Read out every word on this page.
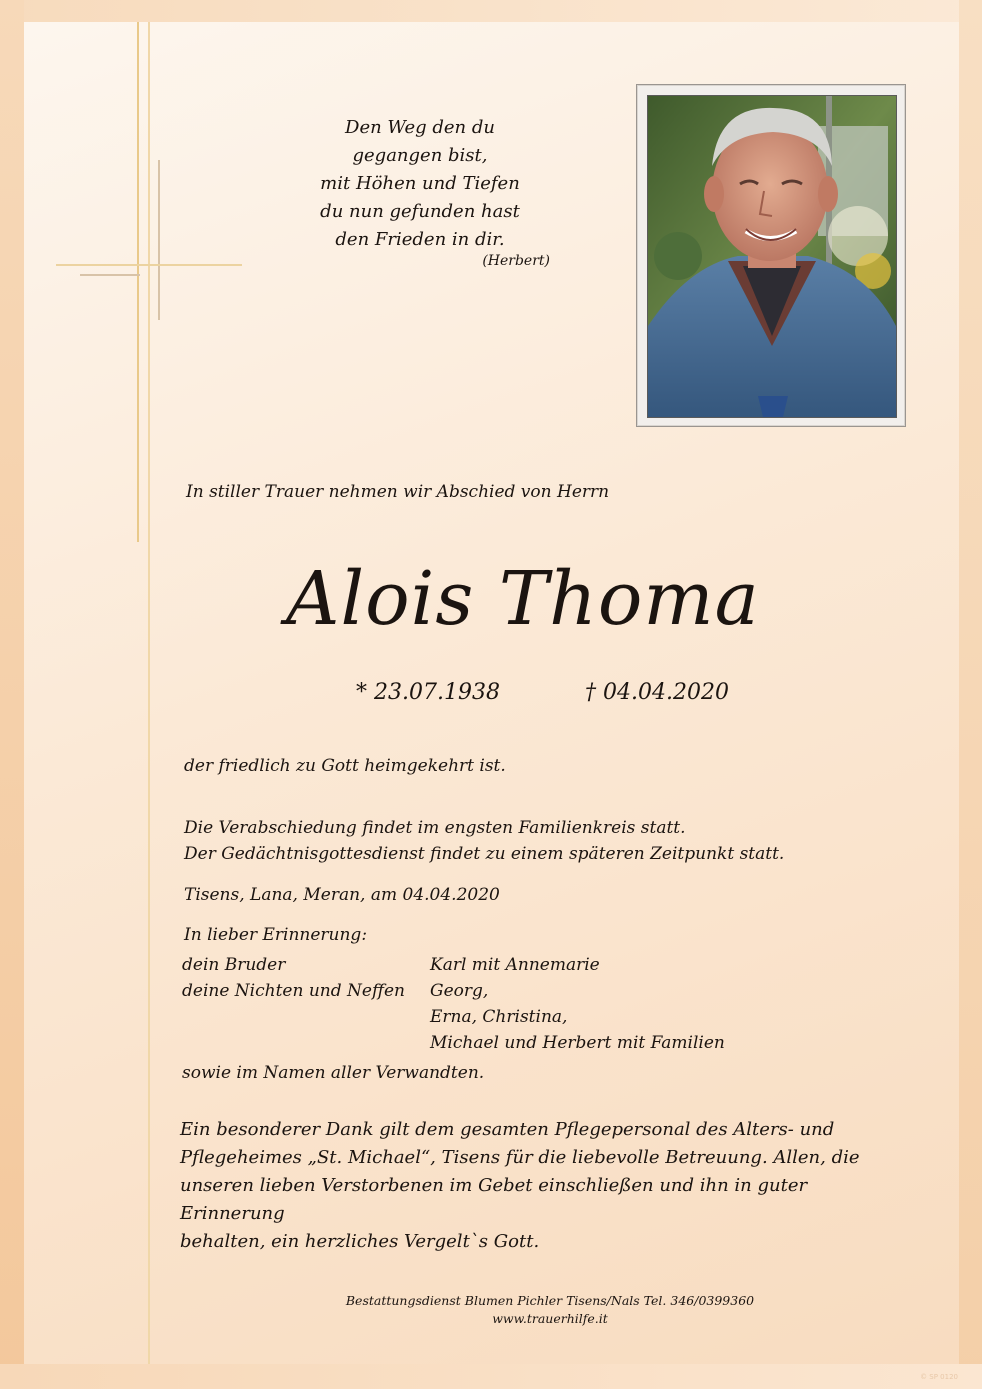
Den Weg den du
gegangen bist,
mit Höhen und Tiefen
du nun gefunden hast
den Frieden in dir.
(Herbert)
In stiller Trauer nehmen wir Abschied von Herrn
Alois Thoma
* 23.07.1938	† 04.04.2020
der friedlich zu Gott heimgekehrt ist.
Die Verabschiedung findet im engsten Familienkreis statt.
Der Gedächtnisgottesdienst findet zu einem späteren Zeitpunkt statt.
Tisens, Lana, Meran, am 04.04.2020
In lieber Erinnerung:
dein Bruder	Karl mit Annemarie
deine Nichten und Neffen	Georg,
Erna, Christina,
Michael und Herbert mit Familien
sowie im Namen aller Verwandten.
Ein besonderer Dank gilt dem gesamten Pflegepersonal des Alters- und
Pflegeheimes „St. Michael“, Tisens für die liebevolle Betreuung. Allen, die
unseren lieben Verstorbenen im Gebet einschließen und ihn in guter Erinnerung
behalten, ein herzliches Vergelt`s Gott.
Bestattungsdienst Blumen Pichler Tisens/Nals Tel. 346/0399360
www.trauerhilfe.it
© SP 0120
